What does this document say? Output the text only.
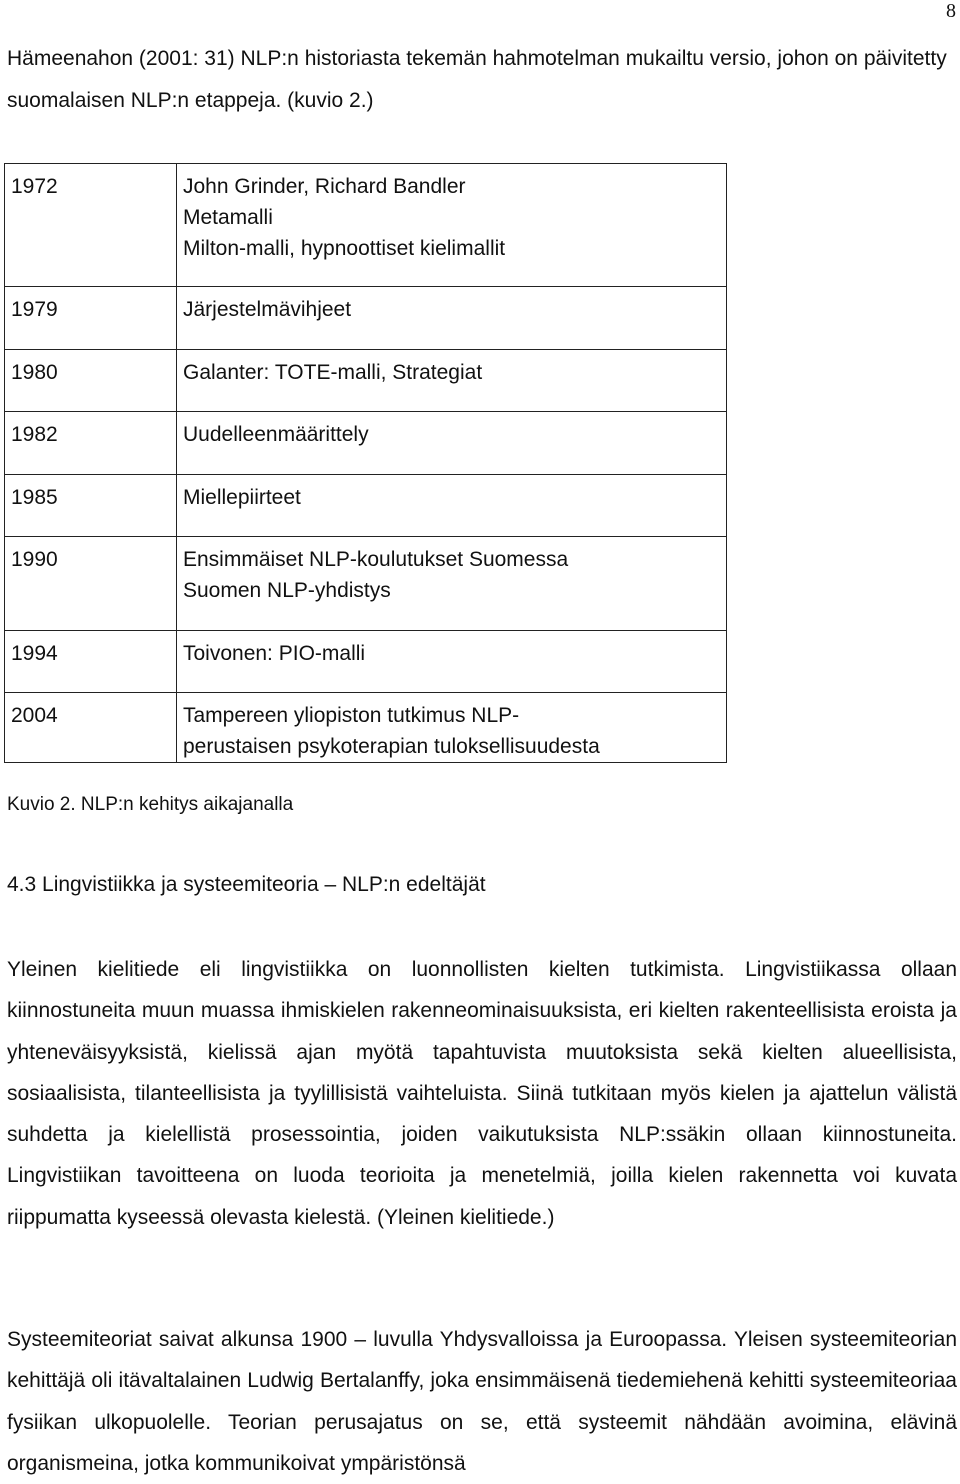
8

Hämeenahon (2001: 31) NLP:n historiasta tekemän hahmotelman mukailtu versio, johon on päivitetty suomalaisen NLP:n etappeja. (kuvio 2.)

1972	John Grinder, Richard Bandler
Metamalli
Milton-malli, hypnoottiset kielimallit

1979	Järjestelmävihjeet

1980	Galanter: TOTE-malli, Strategiat

1982	Uudelleenmäärittely

1985	Miellepiirteet

1990	Ensimmäiset NLP-koulutukset Suomessa
Suomen NLP-yhdistys

1994	Toivonen: PIO-malli

2004	Tampereen yliopiston tutkimus NLP-
perustaisen psykoterapian tuloksellisuudesta

Kuvio 2. NLP:n kehitys aikajanalla

4.3 Lingvistiikka ja systeemiteoria – NLP:n edeltäjät

Yleinen kielitiede eli lingvistiikka on luonnollisten kielten tutkimista. Lingvistiikassa ollaan kiinnostuneita muun muassa ihmiskielen rakenneominaisuuksista, eri kielten rakenteellisista eroista ja yhteneväisyyksistä, kielissä ajan myötä tapahtuvista muutoksista sekä kielten alueellisista, sosiaalisista, tilanteellisista ja tyylillisistä vaihteluista. Siinä tutkitaan myös kielen ja ajattelun välistä suhdetta ja kielellistä prosessointia, joiden vaikutuksista NLP:ssäkin ollaan kiinnostuneita. Lingvistiikan tavoitteena on luoda teorioita ja menetelmiä, joilla kielen rakennetta voi kuvata riippumatta kyseessä olevasta kielestä. (Yleinen kielitiede.)

Systeemiteoriat saivat alkunsa 1900 – luvulla Yhdysvalloissa ja Euroopassa. Yleisen systeemiteorian kehittäjä oli itävaltalainen Ludwig Bertalanffy, joka ensimmäisenä tiedemiehenä kehitti systeemiteoriaa fysiikan ulkopuolelle. Teorian perusajatus on se, että systeemit nähdään avoimina, elävinä organismeina, jotka kommunikoivat ympäristönsä
